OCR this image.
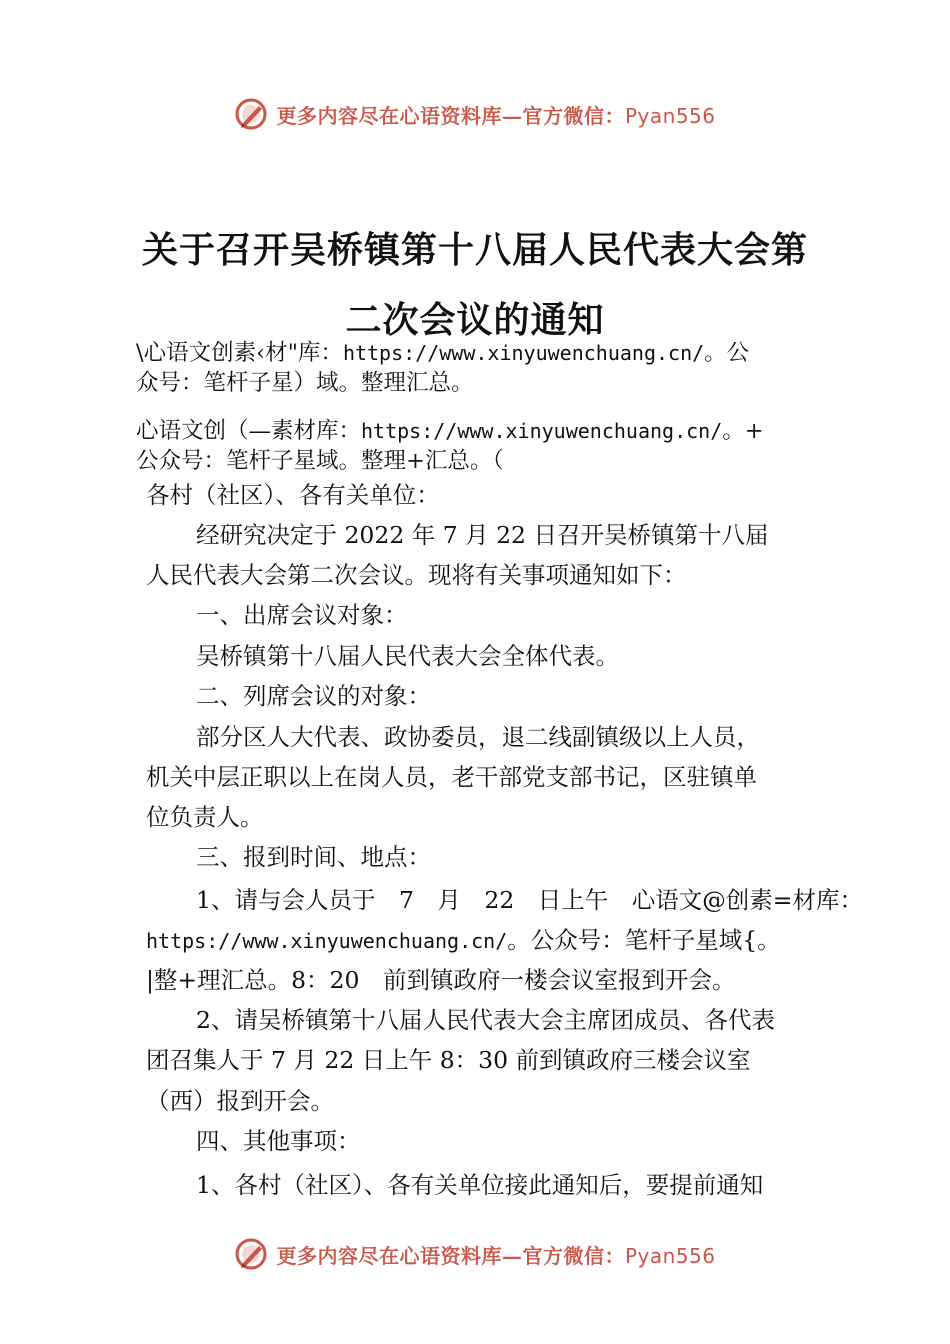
更多内容尽在心语资料库—官方微信：Pyan556
关于召开吴桥镇第十八届人民代表大会第
二次会议的通知
\心语文创素‹材"库：https://www.xinyuwenchuang.cn/。公
众号：笔杆子星）域。整理汇总。
心语文创（—素材库：https://www.xinyuwenchuang.cn/。+
公众号：笔杆子星域。整理+汇总。（
各村（社区）、各有关单位：
经研究决定于 2022 年 7 月 22 日召开吴桥镇第十八届
人民代表大会第二次会议。现将有关事项通知如下：
一、出席会议对象：
吴桥镇第十八届人民代表大会全体代表。
二、列席会议的对象：
部分区人大代表、政协委员，退二线副镇级以上人员，
机关中层正职以上在岗人员，老干部党支部书记，区驻镇单
位负责人。
三、报到时间、地点：
1、请与会人员于　7　月　22　日上午　心语文@创素=材库：
https://www.xinyuwenchuang.cn/。公众号：笔杆子星域{。
|整+理汇总。8：20　前到镇政府一楼会议室报到开会。
2、请吴桥镇第十八届人民代表大会主席团成员、各代表
团召集人于 7 月 22 日上午 8：30 前到镇政府三楼会议室
（西）报到开会。
四、其他事项：
1、各村（社区）、各有关单位接此通知后，要提前通知
更多内容尽在心语资料库—官方微信：Pyan556
